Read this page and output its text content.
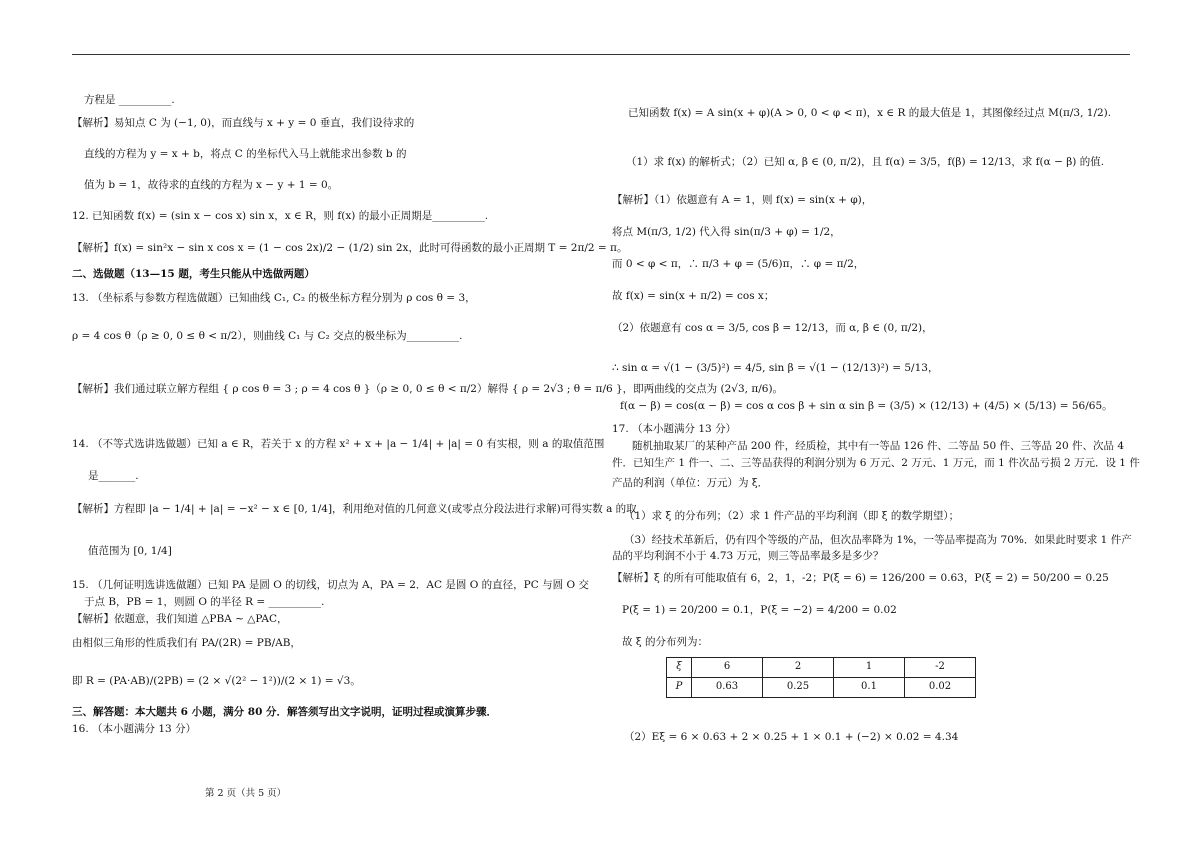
方程是 __________.
【解析】易知点 C 为 (−1, 0)，而直线与 x + y = 0 垂直，我们设待求的
直线的方程为 y = x + b，将点 C 的坐标代入马上就能求出参数 b 的
值为 b = 1，故待求的直线的方程为 x − y + 1 = 0。
12. 已知函数 f(x) = (sin x − cos x) sin x，x ∈ R，则 f(x) 的最小正周期是__________.
【解析】f(x) = sin²x − sin x cos x = (1 − cos 2x)/2 − (1/2) sin 2x，此时可得函数的最小正周期 T = 2π/2 = π。
二、选做题（13—15 题，考生只能从中选做两题）
13. （坐标系与参数方程选做题）已知曲线 C₁, C₂ 的极坐标方程分别为 ρ cos θ = 3，
ρ = 4 cos θ（ρ ≥ 0, 0 ≤ θ < π/2），则曲线 C₁ 与 C₂ 交点的极坐标为__________.
【解析】我们通过联立解方程组 { ρ cos θ = 3 ; ρ = 4 cos θ }（ρ ≥ 0, 0 ≤ θ < π/2）解得 { ρ = 2√3 ; θ = π/6 }，即两曲线的交点为 (2√3, π/6)。
14. （不等式选讲选做题）已知 a ∈ R，若关于 x 的方程 x² + x + |a − 1/4| + |a| = 0 有实根，则 a 的取值范围
是_______.
【解析】方程即 |a − 1/4| + |a| = −x² − x ∈ [0, 1/4]，利用绝对值的几何意义(或零点分段法进行求解)可得实数 a 的取
值范围为 [0, 1/4]
15. （几何证明选讲选做题）已知 PA 是圆 O 的切线，切点为 A，PA = 2．AC 是圆 O 的直径，PC 与圆 O 交
于点 B，PB = 1，则圆 O 的半径 R = __________.
【解析】依题意，我们知道 △PBA ∼ △PAC，
由相似三角形的性质我们有 PA/(2R) = PB/AB，
即 R = (PA·AB)/(2PB) = (2 × √(2² − 1²))/(2 × 1) = √3。
三、解答题：本大题共 6 小题，满分 80 分．解答须写出文字说明，证明过程或演算步骤．
16. （本小题满分 13 分）
已知函数 f(x) = A sin(x + φ)(A > 0, 0 < φ < π)，x ∈ R 的最大值是 1，其图像经过点 M(π/3, 1/2).
（1）求 f(x) 的解析式；（2）已知 α, β ∈ (0, π/2)，且 f(α) = 3/5，f(β) = 12/13，求 f(α − β) 的值.
【解析】（1）依题意有 A = 1，则 f(x) = sin(x + φ)，
将点 M(π/3, 1/2) 代入得 sin(π/3 + φ) = 1/2，
而 0 < φ < π，∴ π/3 + φ = (5/6)π，∴ φ = π/2，
故 f(x) = sin(x + π/2) = cos x；
（2）依题意有 cos α = 3/5, cos β = 12/13，而 α, β ∈ (0, π/2)，
∴ sin α = √(1 − (3/5)²) = 4/5, sin β = √(1 − (12/13)²) = 5/13，
f(α − β) = cos(α − β) = cos α cos β + sin α sin β = (3/5) × (12/13) + (4/5) × (5/13) = 56/65。
17. （本小题满分 13 分）
随机抽取某厂的某种产品 200 件，经质检，其中有一等品 126 件、二等品 50 件、三等品 20 件、次品 4
件．已知生产 1 件一、二、三等品获得的利润分别为 6 万元、2 万元、1 万元，而 1 件次品亏损 2 万元．设 1 件
产品的利润（单位：万元）为 ξ．
（1）求 ξ 的分布列；（2）求 1 件产品的平均利润（即 ξ 的数学期望）；
（3）经技术革新后，仍有四个等级的产品，但次品率降为 1%，一等品率提高为 70%．如果此时要求 1 件产
品的平均利润不小于 4.73 万元，则三等品率最多是多少？
【解析】ξ 的所有可能取值有 6，2，1，-2；P(ξ = 6) = 126/200 = 0.63，P(ξ = 2) = 50/200 = 0.25
P(ξ = 1) = 20/200 = 0.1，P(ξ = −2) = 4/200 = 0.02
故 ξ 的分布列为：
（2）Eξ = 6 × 0.63 + 2 × 0.25 + 1 × 0.1 + (−2) × 0.02 = 4.34
ξ	6	2	1	-2
P	0.63	0.25	0.1	0.02
第 2 页（共 5 页）
